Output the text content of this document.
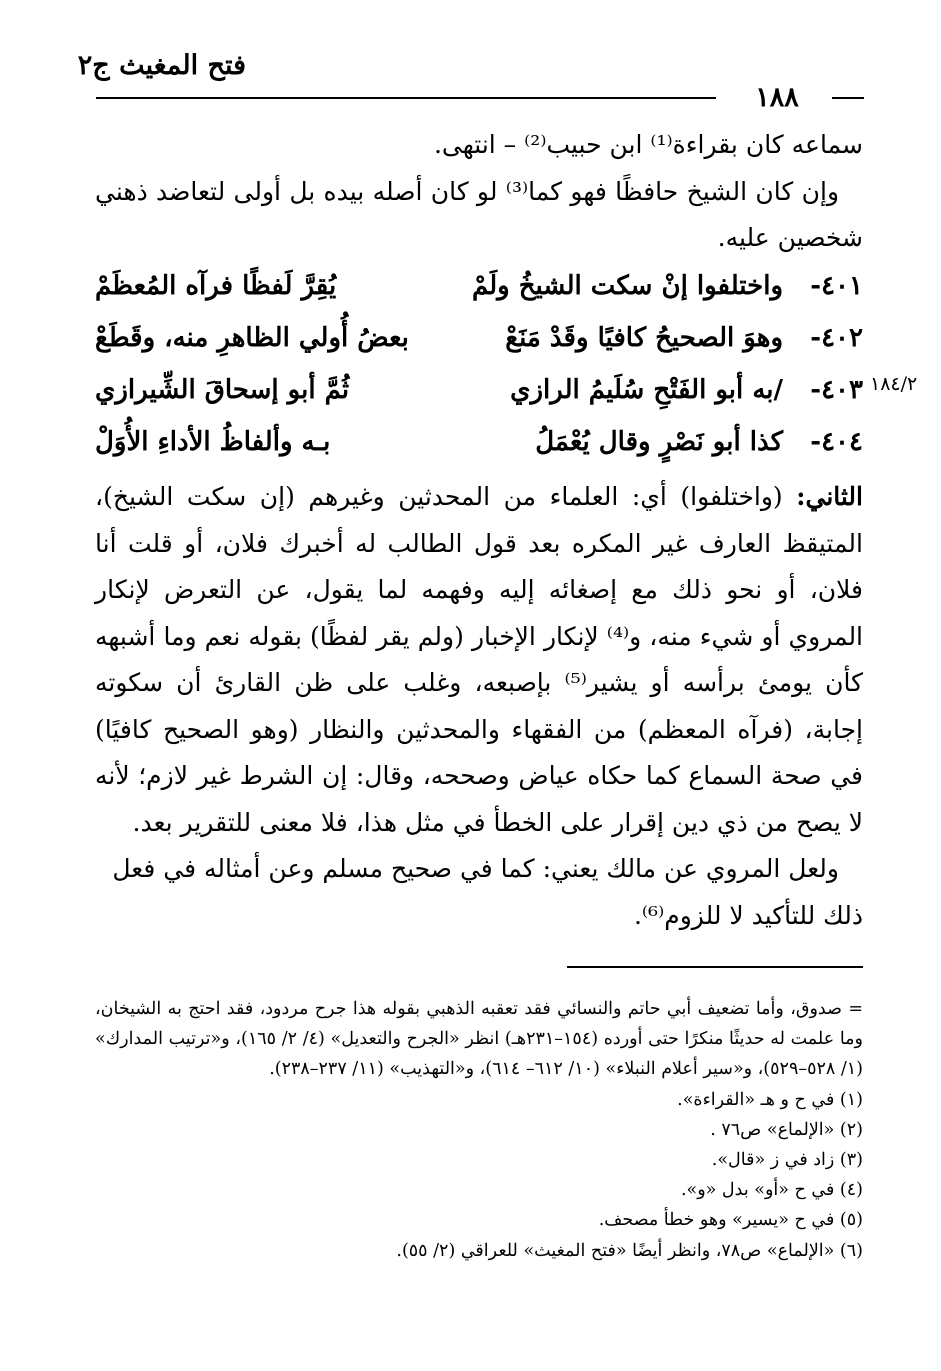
فتح المغيث ج٢
١٨٨

سماعه كان بقراءة⁽¹⁾ ابن حبيب⁽²⁾ – انتهى.

وإن كان الشيخ حافظًا فهو كما⁽³⁾ لو كان أصله بيده بل أولى لتعاضد ذهني شخصين عليه.

١٨٤/٢
٤٠١-
واختلفوا إنْ سكت الشيخُ ولَمْ
يُقِرَّ لَفظًا فرآه المُعظَمْ
٤٠٢-
وهوَ الصحيحُ كافيًا وقَدْ مَنَعْ
بعضُ أُولي الظاهرِ منه، وقَطَعْ
٤٠٣-
/به أبو الفَتْحِ سُلَيمُ الرازي
ثُمَّ أبو إسحاقَ الشِّيرازي
٤٠٤-
كذا أبو نَصْرٍ وقال يُعْمَلُ
بـه وألفاظُ الأداءِ الأُوَلْ

الثاني: (واختلفوا) أي: العلماء من المحدثين وغيرهم (إن سكت الشيخ)، المتيقظ العارف غير المكره بعد قول الطالب له أخبرك فلان، أو قلت أنا فلان، أو نحو ذلك مع إصغائه إليه وفهمه لما يقول، عن التعرض لإنكار المروي أو شيء منه، و⁽⁴⁾ لإنكار الإخبار (ولم يقر لفظًا) بقوله نعم وما أشبهه كأن يومئ برأسه أو يشير⁽⁵⁾ بإصبعه، وغلب على ظن القارئ أن سكوته إجابة، (فرآه المعظم) من الفقهاء والمحدثين والنظار (وهو الصحيح كافيًا) في صحة السماع كما حكاه عياض وصححه، وقال: إن الشرط غير لازم؛ لأنه لا يصح من ذي دين إقرار على الخطأ في مثل هذا، فلا معنى للتقرير بعد.

ولعل المروي عن مالك يعني: كما في صحيح مسلم وعن أمثاله في فعل ذلك للتأكيد لا للزوم⁽⁶⁾.

= صدوق، وأما تضعيف أبي حاتم والنسائي فقد تعقبه الذهبي بقوله هذا جرح مردود، فقد احتج به الشيخان، وما علمت له حديثًا منكرًا حتى أورده (١٥٤–٢٣١هـ) انظر «الجرح والتعديل» (٤/ ٢/ ١٦٥)، و«ترتيب المدارك» (١/ ٥٢٨–٥٢٩)، و«سير أعلام النبلاء» (١٠/ ٦١٢– ٦١٤)، و«التهذيب» (١١/ ٢٣٧–٢٣٨).

(١) في ح و هـ «القراءة».

(٢) «الإلماع» ص٧٦ .

(٣) زاد في ز «قال».

(٤) في ح «أو» بدل «و».

(٥) في ح «يسير» وهو خطأ مصحف.

(٦) «الإلماع» ص٧٨، وانظر أيضًا «فتح المغيث» للعراقي (٢/ ٥٥).
